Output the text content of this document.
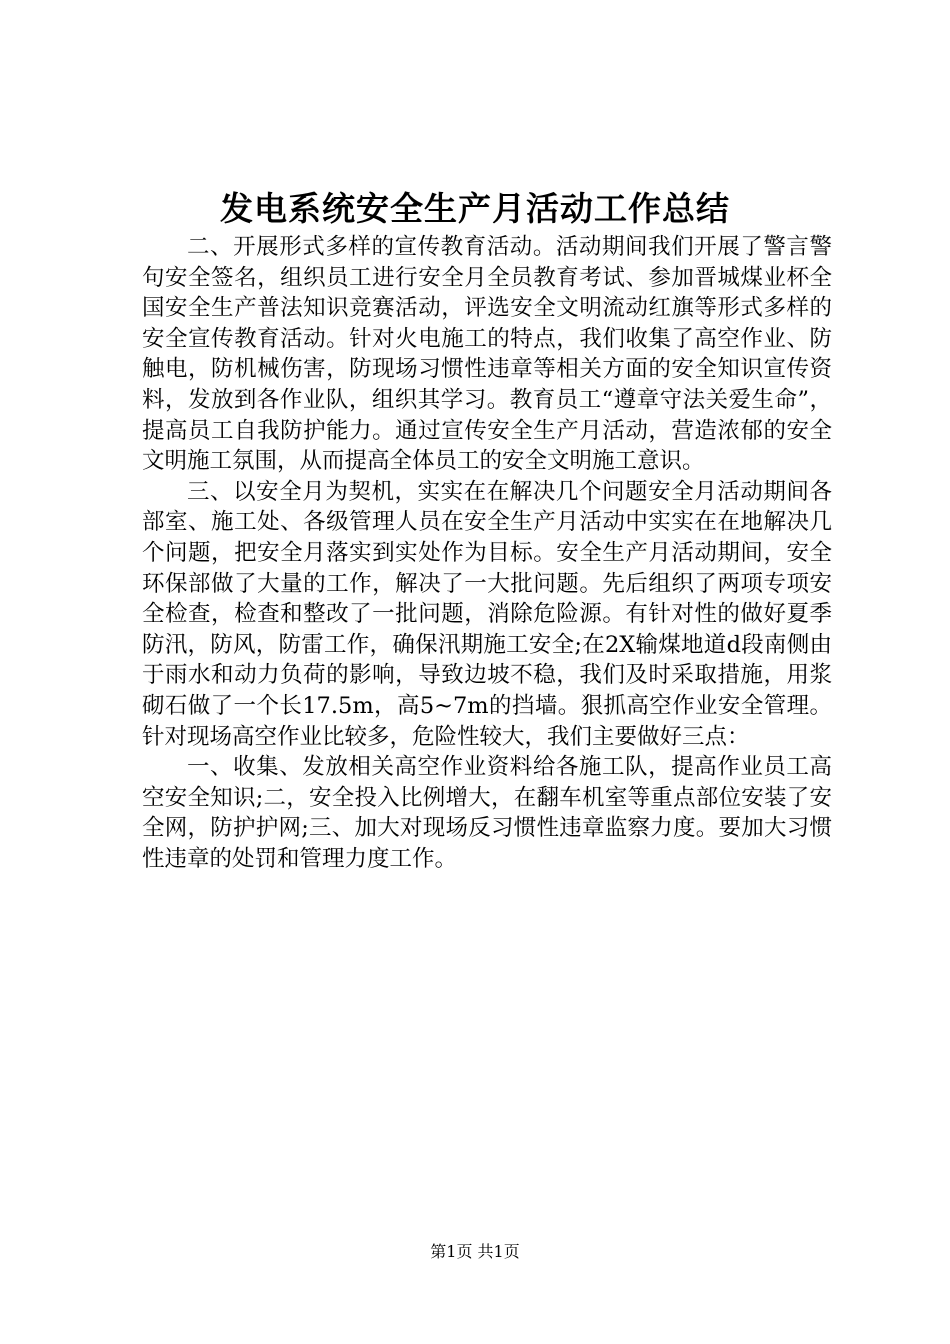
发电系统安全生产月活动工作总结

二、开展形式多样的宣传教育活动。活动期间我们开展了警言警句安全签名，组织员工进行安全月全员教育考试、参加晋城煤业杯全国安全生产普法知识竞赛活动，评选安全文明流动红旗等形式多样的安全宣传教育活动。针对火电施工的特点，我们收集了高空作业、防触电，防机械伤害，防现场习惯性违章等相关方面的安全知识宣传资料，发放到各作业队，组织其学习。教育员工“遵章守法关爱生命”，提高员工自我防护能力。通过宣传安全生产月活动，营造浓郁的安全文明施工氛围，从而提高全体员工的安全文明施工意识。

三、以安全月为契机，实实在在解决几个问题安全月活动期间各部室、施工处、各级管理人员在安全生产月活动中实实在在地解决几个问题，把安全月落实到实处作为目标。安全生产月活动期间，安全环保部做了大量的工作，解决了一大批问题。先后组织了两项专项安全检查，检查和整改了一批问题，消除危险源。有针对性的做好夏季防汛，防风，防雷工作，确保汛期施工安全;在2X输煤地道d段南侧由于雨水和动力负荷的影响，导致边坡不稳，我们及时采取措施，用浆砌石做了一个长17.5m，高5~7m的挡墙。狠抓高空作业安全管理。针对现场高空作业比较多，危险性较大，我们主要做好三点：

一、收集、发放相关高空作业资料给各施工队，提高作业员工高空安全知识;二，安全投入比例增大，在翻车机室等重点部位安装了安全网，防护护网;三、加大对现场反习惯性违章监察力度。要加大习惯性违章的处罚和管理力度工作。

第1页 共1页
